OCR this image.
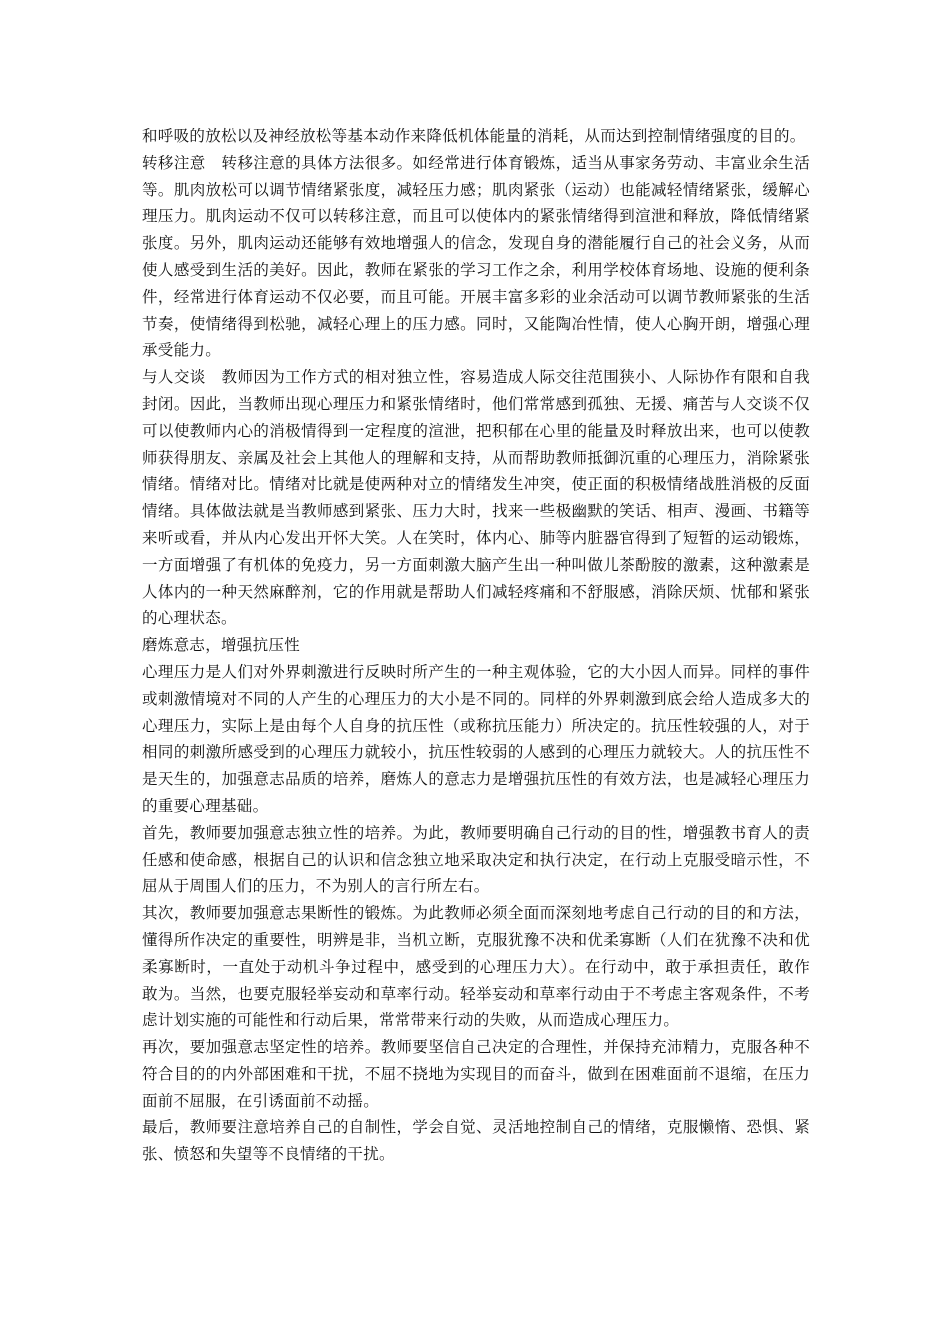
和呼吸的放松以及神经放松等基本动作来降低机体能量的消耗，从而达到控制情绪强度的目的。

转移注意　转移注意的具体方法很多。如经常进行体育锻炼，适当从事家务劳动、丰富业余生活等。肌肉放松可以调节情绪紧张度，减轻压力感；肌肉紧张（运动）也能减轻情绪紧张，缓解心理压力。肌肉运动不仅可以转移注意，而且可以使体内的紧张情绪得到渲泄和释放，降低情绪紧张度。另外，肌肉运动还能够有效地增强人的信念，发现自身的潜能履行自己的社会义务，从而使人感受到生活的美好。因此，教师在紧张的学习工作之余，利用学校体育场地、设施的便利条件，经常进行体育运动不仅必要，而且可能。开展丰富多彩的业余活动可以调节教师紧张的生活节奏，使情绪得到松驰，减轻心理上的压力感。同时，又能陶冶性情，使人心胸开朗，增强心理承受能力。

与人交谈　教师因为工作方式的相对独立性，容易造成人际交往范围狭小、人际协作有限和自我封闭。因此，当教师出现心理压力和紧张情绪时，他们常常感到孤独、无援、痛苦与人交谈不仅可以使教师内心的消极情得到一定程度的渲泄，把积郁在心里的能量及时释放出来，也可以使教师获得朋友、亲属及社会上其他人的理解和支持，从而帮助教师抵御沉重的心理压力，消除紧张情绪。情绪对比。情绪对比就是使两种对立的情绪发生冲突，使正面的积极情绪战胜消极的反面情绪。具体做法就是当教师感到紧张、压力大时，找来一些极幽默的笑话、相声、漫画、书籍等来听或看，并从内心发出开怀大笑。人在笑时，体内心、肺等内脏器官得到了短暂的运动锻炼，一方面增强了有机体的免疫力，另一方面刺激大脑产生出一种叫做儿茶酚胺的激素，这种激素是人体内的一种天然麻醉剂，它的作用就是帮助人们减轻疼痛和不舒服感，消除厌烦、忧郁和紧张的心理状态。

磨炼意志，增强抗压性

心理压力是人们对外界刺激进行反映时所产生的一种主观体验，它的大小因人而异。同样的事件或刺激情境对不同的人产生的心理压力的大小是不同的。同样的外界刺激到底会给人造成多大的心理压力，实际上是由每个人自身的抗压性（或称抗压能力）所决定的。抗压性较强的人，对于相同的刺激所感受到的心理压力就较小，抗压性较弱的人感到的心理压力就较大。人的抗压性不是天生的，加强意志品质的培养，磨炼人的意志力是增强抗压性的有效方法，也是减轻心理压力的重要心理基础。

首先，教师要加强意志独立性的培养。为此，教师要明确自己行动的目的性，增强教书育人的责任感和使命感，根据自己的认识和信念独立地采取决定和执行决定，在行动上克服受暗示性，不屈从于周围人们的压力，不为别人的言行所左右。

其次，教师要加强意志果断性的锻炼。为此教师必须全面而深刻地考虑自己行动的目的和方法，懂得所作决定的重要性，明辨是非，当机立断，克服犹豫不决和优柔寡断（人们在犹豫不决和优柔寡断时，一直处于动机斗争过程中，感受到的心理压力大）。在行动中，敢于承担责任，敢作敢为。当然，也要克服轻举妄动和草率行动。轻举妄动和草率行动由于不考虑主客观条件，不考虑计划实施的可能性和行动后果，常常带来行动的失败，从而造成心理压力。

再次，要加强意志坚定性的培养。教师要坚信自己决定的合理性，并保持充沛精力，克服各种不符合目的的内外部困难和干扰，不屈不挠地为实现目的而奋斗，做到在困难面前不退缩，在压力面前不屈服，在引诱面前不动摇。

最后，教师要注意培养自己的自制性，学会自觉、灵活地控制自己的情绪，克服懒惰、恐惧、紧张、愤怒和失望等不良情绪的干扰。
